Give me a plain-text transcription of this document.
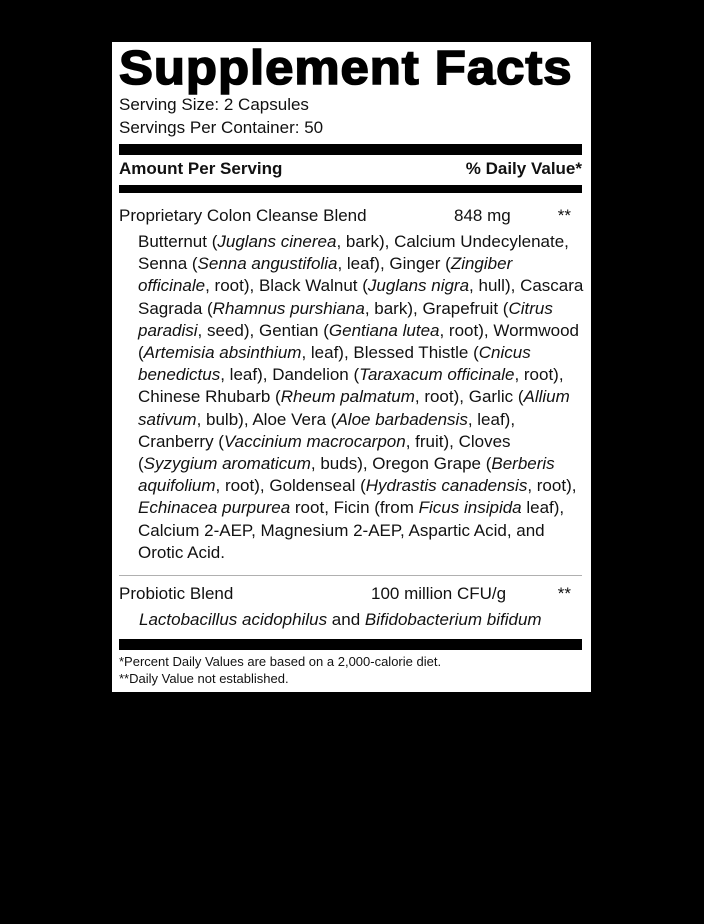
Supplement Facts
Serving Size: 2 Capsules
Servings Per Container: 50
Amount Per Serving	% Daily Value*
Proprietary Colon Cleanse Blend	848 mg	**
Butternut (Juglans cinerea, bark), Calcium Undecylenate, Senna (Senna angustifolia, leaf), Ginger (Zingiber officinale, root), Black Walnut (Juglans nigra, hull), Cascara Sagrada (Rhamnus purshiana, bark), Grapefruit (Citrus paradisi, seed), Gentian (Gentiana lutea, root), Wormwood (Artemisia absinthium, leaf), Blessed Thistle (Cnicus benedictus, leaf), Dandelion (Taraxacum officinale, root), Chinese Rhubarb (Rheum palmatum, root), Garlic (Allium sativum, bulb), Aloe Vera (Aloe barbadensis, leaf), Cranberry (Vaccinium macrocarpon, fruit), Cloves (Syzygium aromaticum, buds), Oregon Grape (Berberis aquifolium, root), Goldenseal (Hydrastis canadensis, root), Echinacea purpurea root, Ficin (from Ficus insipida leaf), Calcium 2-AEP, Magnesium 2-AEP, Aspartic Acid, and Orotic Acid.
Probiotic Blend	100 million CFU/g	**
Lactobacillus acidophilus and Bifidobacterium bifidum
*Percent Daily Values are based on a 2,000-calorie diet.
**Daily Value not established.
